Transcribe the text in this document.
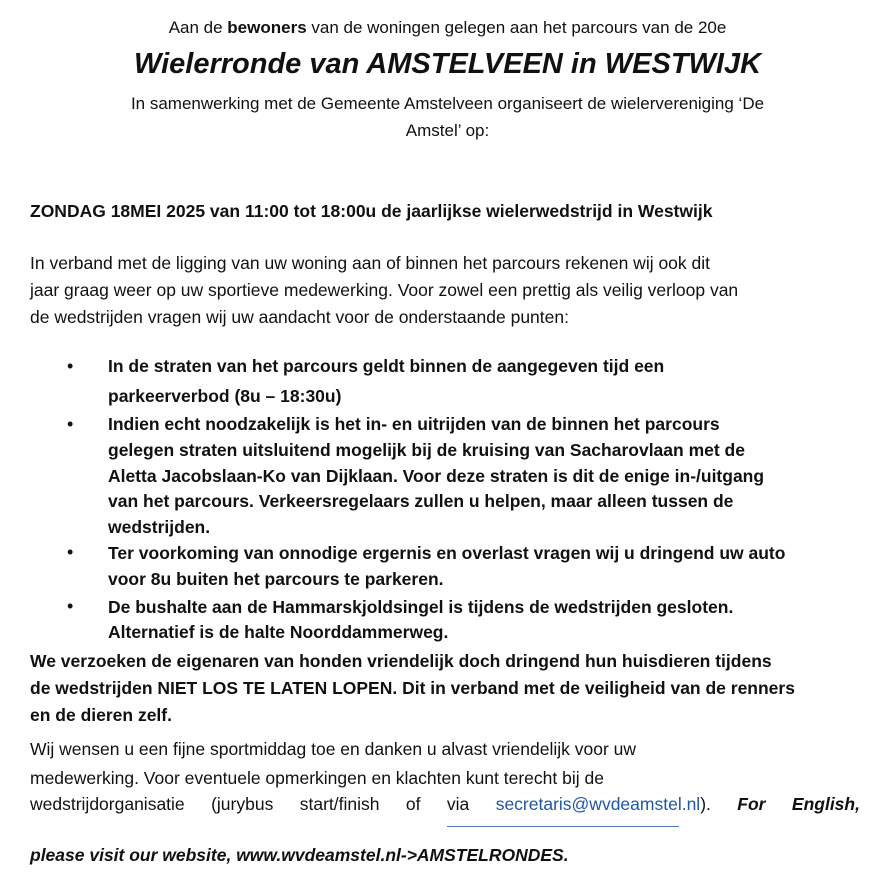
Aan de bewoners van de woningen gelegen aan het parcours van de 20e
Wielerronde van AMSTELVEEN in WESTWIJK
In samenwerking met de Gemeente Amstelveen organiseert de wielervereniging ‘De
Amstel’ op:
ZONDAG 18MEI 2025 van 11:00 tot 18:00u de jaarlijkse wielerwedstrijd in Westwijk
In verband met de ligging van uw woning aan of binnen het parcours rekenen wij ook dit
jaar graag weer op uw sportieve medewerking. Voor zowel een prettig als veilig verloop van
de wedstrijden vragen wij uw aandacht voor de onderstaande punten:
• In de straten van het parcours geldt binnen de aangegeven tijd een
parkeerverbod (8u – 18:30u)
• Indien echt noodzakelijk is het in- en uitrijden van de binnen het parcours
gelegen straten uitsluitend mogelijk bij de kruising van Sacharovlaan met de
Aletta Jacobslaan-Ko van Dijklaan. Voor deze straten is dit de enige in-/uitgang
van het parcours. Verkeersregelaars zullen u helpen, maar alleen tussen de
wedstrijden.
• Ter voorkoming van onnodige ergernis en overlast vragen wij u dringend uw auto
voor 8u buiten het parcours te parkeren.
• De bushalte aan de Hammarskjoldsingel is tijdens de wedstrijden gesloten.
Alternatief is de halte Noorddammerweg.
We verzoeken de eigenaren van honden vriendelijk doch dringend hun huisdieren tijdens
de wedstrijden NIET LOS TE LATEN LOPEN. Dit in verband met de veiligheid van de renners
en de dieren zelf.
Wij wensen u een fijne sportmiddag toe en danken u alvast vriendelijk voor uw
medewerking. Voor eventuele opmerkingen en klachten kunt terecht bij de
wedstrijdorganisatie (jurybus start/finish of via secretaris@wvdeamstel.nl). For English,
please visit our website, www.wvdeamstel.nl->AMSTELRONDES.
